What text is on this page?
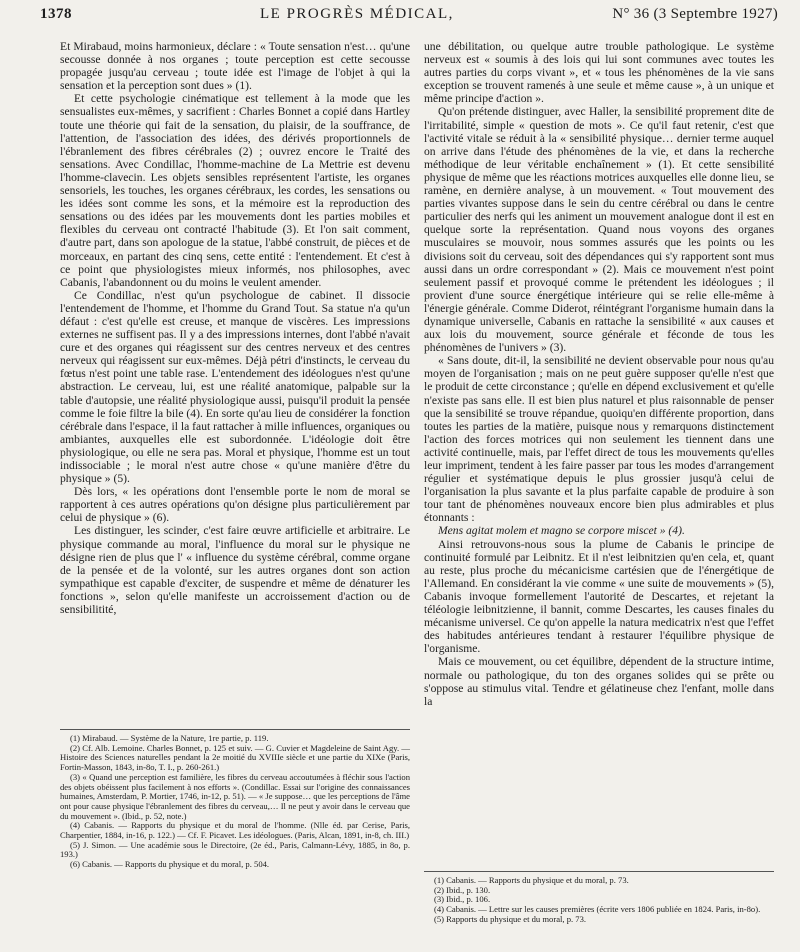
1378	LE PROGRÈS MÉDICAL,	N° 36 (3 Septembre 1927)

Et Mirabaud, moins harmonieux, déclare : « Toute sensation n'est… qu'une secousse donnée à nos organes ; toute perception est cette secousse propagée jusqu'au cerveau ; toute idée est l'image de l'objet à qui la sensation et la perception sont dues » (1).

Et cette psychologie cinématique est tellement à la mode que les sensualistes eux-mêmes, y sacrifient : Charles Bonnet a copié dans Hartley toute une théorie qui fait de la sensation, du plaisir, de la souffrance, de l'attention, de l'association des idées, des dérivés proportionnels de l'ébranlement des fibres cérébrales (2) ; ouvrez encore le Traité des sensations. Avec Condillac, l'homme-machine de La Mettrie est devenu l'homme-clavecin. Les objets sensibles représentent l'artiste, les organes sensoriels, les touches, les organes cérébraux, les cordes, les sensations ou les idées sont comme les sons, et la mémoire est la reproduction des sensations ou des idées par les mouvements dont les parties mobiles et flexibles du cerveau ont contracté l'habitude (3). Et l'on sait comment, d'autre part, dans son apologue de la statue, l'abbé construit, de pièces et de morceaux, en partant des cinq sens, cette entité : l'entendement. Et c'est à ce point que physiologistes mieux informés, nos philosophes, avec Cabanis, l'abandonnent ou du moins le veulent amender.

Ce Condillac, n'est qu'un psychologue de cabinet. Il dissocie l'entendement de l'homme, et l'homme du Grand Tout. Sa statue n'a qu'un défaut : c'est qu'elle est creuse, et manque de viscères. Les impressions externes ne suffisent pas. Il y a des impressions internes, dont l'abbé n'avait cure et des organes qui réagissent sur des centres nerveux et des centres nerveux qui réagissent sur eux-mêmes. Déjà pétri d'instincts, le cerveau du fœtus n'est point une table rase. L'entendement des idéologues n'est qu'une abstraction. Le cerveau, lui, est une réalité anatomique, palpable sur la table d'autopsie, une réalité physiologique aussi, puisqu'il produit la pensée comme le foie filtre la bile (4). En sorte qu'au lieu de considérer la fonction cérébrale dans l'espace, il la faut rattacher à mille influences, organiques ou ambiantes, auxquelles elle est subordonnée. L'idéologie doit être physiologique, ou elle ne sera pas. Moral et physique, l'homme est un tout indissociable ; le moral n'est autre chose « qu'une manière d'être du physique » (5).

Dès lors, « les opérations dont l'ensemble porte le nom de moral se rapportent à ces autres opérations qu'on désigne plus particulièrement par celui de physique » (6).

Les distinguer, les scinder, c'est faire œuvre artificielle et arbitraire. Le physique commande au moral, l'influence du moral sur le physique ne désigne rien de plus que l' « influence du système cérébral, comme organe de la pensée et de la volonté, sur les autres organes dont son action sympathique est capable d'exciter, de suspendre et même de dénaturer les fonctions », selon qu'elle manifeste un accroissement d'action ou de sensibilitité,

(1) Mirabaud. — Système de la Nature, 1re partie, p. 119.

(2) Cf. Alb. Lemoine. Charles Bonnet, p. 125 et suiv. — G. Cuvier et Magdeleine de Saint Agy. — Histoire des Sciences naturelles pendant la 2e moitié du XVIIIe siècle et une partie du XIXe (Paris, Fortin-Masson, 1843, in-8o, T. I., p. 260-261.)

(3) « Quand une perception est familière, les fibres du cerveau accoutumées à fléchir sous l'action des objets obéissent plus facilement à nos efforts ». (Condillac. Essai sur l'origine des connaissances humaines, Amsterdam, P. Mortier, 1746, in-12, p. 51). — « Je suppose… que les perceptions de l'âme ont pour cause physique l'ébranlement des fibres du cerveau,… Il ne peut y avoir dans le cerveau que du mouvement ». (Ibid., p. 52, note.)

(4) Cabanis. — Rapports du physique et du moral de l'homme. (Nlle éd. par Cerise, Paris, Charpentier, 1884, in-16, p. 122.) — Cf. F. Picavet. Les idéologues. (Paris, Alcan, 1891, in-8, ch. III.)

(5) J. Simon. — Une académie sous le Directoire, (2e éd., Paris, Calmann-Lévy, 1885, in 8o, p. 193.)

(6) Cabanis. — Rapports du physique et du moral, p. 504.

une débilitation, ou quelque autre trouble pathologique. Le système nerveux est « soumis à des lois qui lui sont communes avec toutes les autres parties du corps vivant », et « tous les phénomènes de la vie sans exception se trouvent ramenés à une seule et même cause », à un unique et même principe d'action ».

Qu'on prétende distinguer, avec Haller, la sensibilité proprement dite de l'irritabilité, simple « question de mots ». Ce qu'il faut retenir, c'est que l'activité vitale se réduit à la « sensibilité physique… dernier terme auquel on arrive dans l'étude des phénomènes de la vie, et dans la recherche méthodique de leur véritable enchaînement » (1). Et cette sensibilité physique de même que les réactions motrices auxquelles elle donne lieu, se ramène, en dernière analyse, à un mouvement. « Tout mouvement des parties vivantes suppose dans le sein du centre cérébral ou dans le centre particulier des nerfs qui les animent un mouvement analogue dont il est en quelque sorte la représentation. Quand nous voyons des organes musculaires se mouvoir, nous sommes assurés que les points ou les divisions soit du cerveau, soit des dépendances qui s'y rapportent sont mus aussi dans un ordre correspondant » (2). Mais ce mouvement n'est point seulement passif et provoqué comme le prétendent les idéologues ; il provient d'une source énergétique intérieure qui se relie elle-même à l'énergie générale. Comme Diderot, réintégrant l'organisme humain dans la dynamique universelle, Cabanis en rattache la sensibilité « aux causes et aux lois du mouvement, source générale et féconde de tous les phénomènes de l'univers » (3).

« Sans doute, dit-il, la sensibilité ne devient observable pour nous qu'au moyen de l'organisation ; mais on ne peut guère supposer qu'elle n'est que le produit de cette circonstance ; qu'elle en dépend exclusivement et qu'elle n'existe pas sans elle. Il est bien plus naturel et plus raisonnable de penser que la sensibilité se trouve répandue, quoiqu'en différente proportion, dans toutes les parties de la matière, puisque nous y remarquons distinctement l'action des forces motrices qui non seulement les tiennent dans une activité continuelle, mais, par l'effet direct de tous les mouvements qu'elles leur impriment, tendent à les faire passer par tous les modes d'arrangement régulier et systématique depuis le plus grossier jusqu'à celui de l'organisation la plus savante et la plus parfaite capable de produire à son tour tant de phénomènes nouveaux encore bien plus admirables et plus étonnants :

Mens agitat molem et magno se corpore miscet » (4).

Ainsi retrouvons-nous sous la plume de Cabanis le principe de continuité formulé par Leibnitz. Et il n'est leibnitzien qu'en cela, et, quant au reste, plus proche du mécanicisme cartésien que de l'énergétique de l'Allemand. En considérant la vie comme « une suite de mouvements » (5), Cabanis invoque formellement l'autorité de Descartes, et rejetant la téléologie leibnitzienne, il bannit, comme Descartes, les causes finales du mécanisme universel. Ce qu'on appelle la natura medicatrix n'est que l'effet des habitudes antérieures tendant à restaurer l'équilibre physique de l'organisme.

Mais ce mouvement, ou cet équilibre, dépendent de la structure intime, normale ou pathologique, du ton des organes solides qui se prête ou s'oppose au stimulus vital. Tendre et gélatineuse chez l'enfant, molle dans la

(1) Cabanis. — Rapports du physique et du moral, p. 73.

(2) Ibid., p. 130.

(3) Ibid., p. 106.

(4) Cabanis. — Lettre sur les causes premières (écrite vers 1806 publiée en 1824. Paris, in-8o).

(5) Rapports du physique et du moral, p. 73.
